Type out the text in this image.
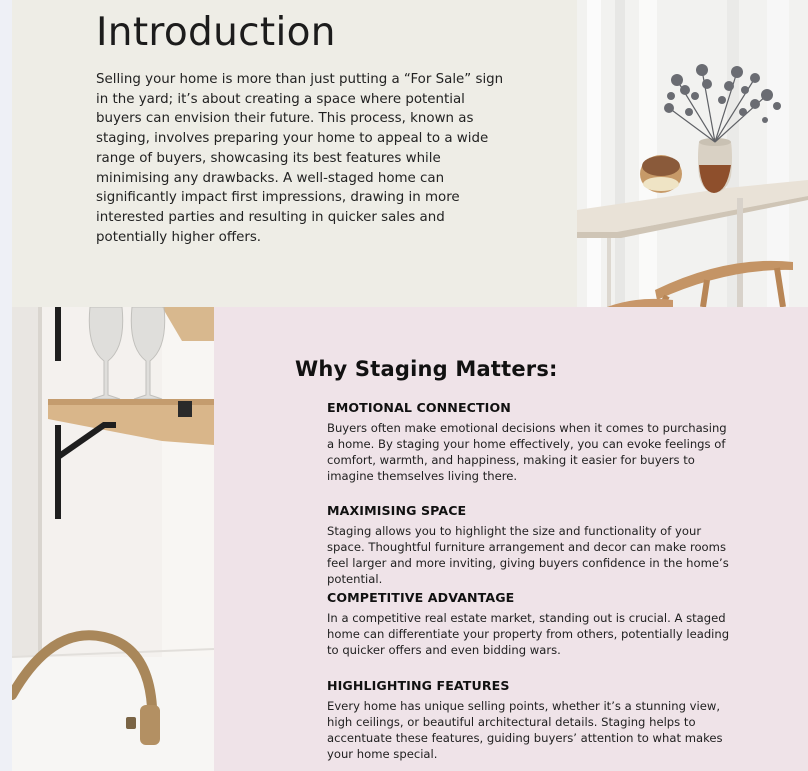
Introduction

Selling your home is more than just putting a “For Sale” sign in the yard; it’s about creating a space where potential buyers can envision their future. This process, known as staging, involves preparing your home to appeal to a wide range of buyers, showcasing its best features while minimising any drawbacks. A well-staged home can significantly impact first impressions, drawing in more interested parties and resulting in quicker sales and potentially higher offers.

Why Staging Matters:
EMOTIONAL CONNECTION

Buyers often make emotional decisions when it comes to purchasing a home. By staging your home effectively, you can evoke feelings of comfort, warmth, and happiness, making it easier for buyers to imagine themselves living there.

MAXIMISING SPACE

Staging allows you to highlight the size and functionality of your space. Thoughtful furniture arrangement and decor can make rooms feel larger and more inviting, giving buyers confidence in the home’s potential.

COMPETITIVE ADVANTAGE

In a competitive real estate market, standing out is crucial. A staged home can differentiate your property from others, potentially leading to quicker offers and even bidding wars.

HIGHLIGHTING FEATURES

Every home has unique selling points, whether it’s a stunning view, high ceilings, or beautiful architectural details. Staging helps to accentuate these features, guiding buyers’ attention to what makes your home special.
